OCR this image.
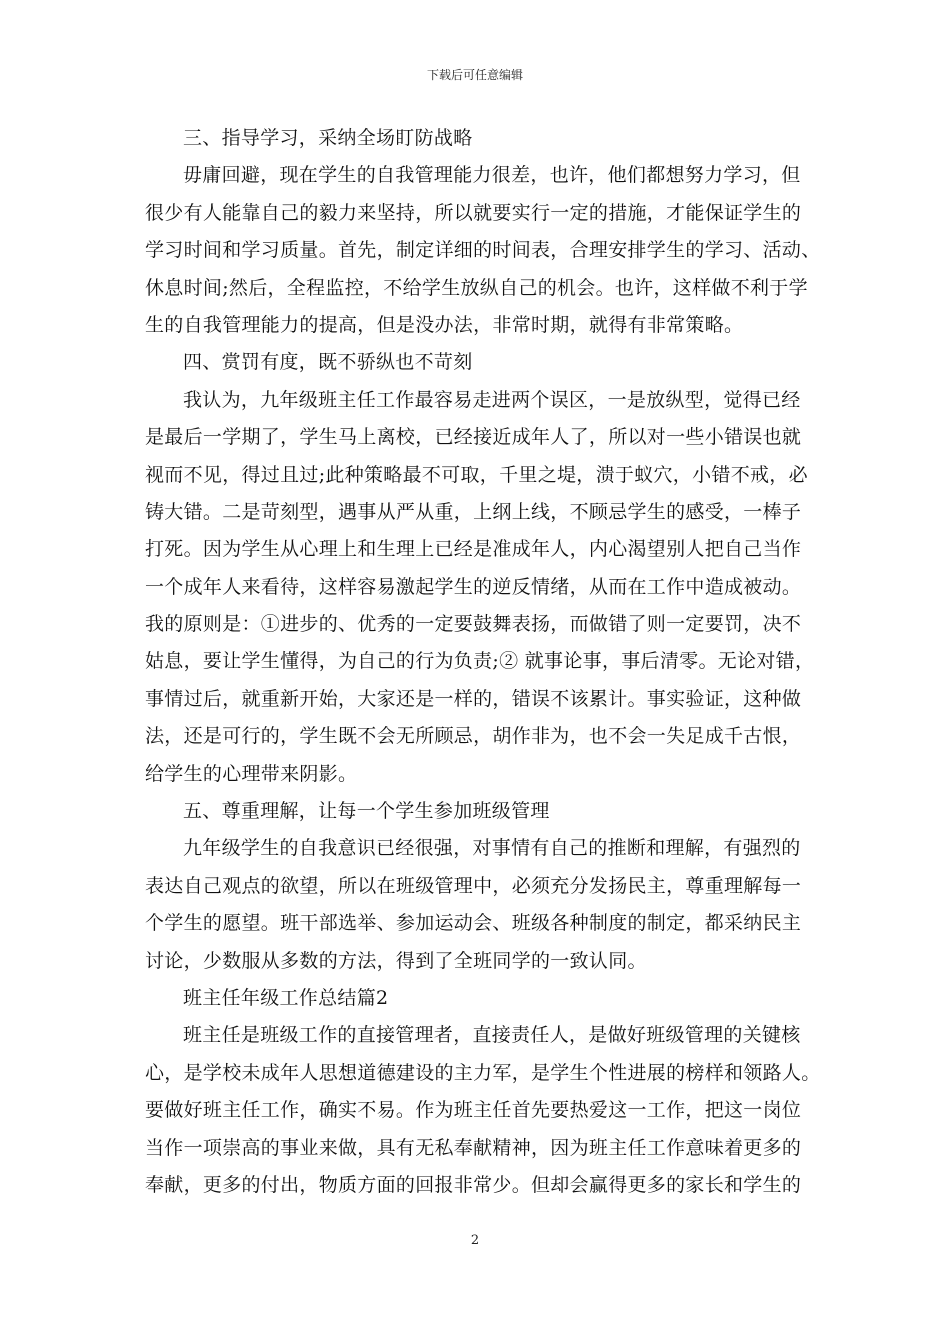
下载后可任意编辑
三、指导学习，采纳全场盯防战略
毋庸回避，现在学生的自我管理能力很差，也许，他们都想努力学习，但
很少有人能靠自己的毅力来坚持，所以就要实行一定的措施，才能保证学生的
学习时间和学习质量。首先，制定详细的时间表，合理安排学生的学习、活动、
休息时间;然后，全程监控，不给学生放纵自己的机会。也许，这样做不利于学
生的自我管理能力的提高，但是没办法，非常时期，就得有非常策略。
四、赏罚有度，既不骄纵也不苛刻
我认为，九年级班主任工作最容易走进两个误区，一是放纵型，觉得已经
是最后一学期了，学生马上离校，已经接近成年人了，所以对一些小错误也就
视而不见，得过且过;此种策略最不可取，千里之堤，溃于蚁穴，小错不戒，必
铸大错。二是苛刻型，遇事从严从重，上纲上线，不顾忌学生的感受，一棒子
打死。因为学生从心理上和生理上已经是准成年人，内心渴望别人把自己当作
一个成年人来看待，这样容易激起学生的逆反情绪，从而在工作中造成被动。
我的原则是：①进步的、优秀的一定要鼓舞表扬，而做错了则一定要罚，决不
姑息，要让学生懂得，为自己的行为负责;② 就事论事，事后清零。无论对错，
事情过后，就重新开始，大家还是一样的，错误不该累计。事实验证，这种做
法，还是可行的，学生既不会无所顾忌，胡作非为，也不会一失足成千古恨，
给学生的心理带来阴影。
五、尊重理解，让每一个学生参加班级管理
九年级学生的自我意识已经很强，对事情有自己的推断和理解，有强烈的
表达自己观点的欲望，所以在班级管理中，必须充分发扬民主，尊重理解每一
个学生的愿望。班干部选举、参加运动会、班级各种制度的制定，都采纳民主
讨论，少数服从多数的方法，得到了全班同学的一致认同。
班主任年级工作总结篇2
班主任是班级工作的直接管理者，直接责任人，是做好班级管理的关键核
心，是学校未成年人思想道德建设的主力军，是学生个性进展的榜样和领路人。
要做好班主任工作，确实不易。作为班主任首先要热爱这一工作，把这一岗位
当作一项崇高的事业来做，具有无私奉献精神，因为班主任工作意味着更多的
奉献，更多的付出，物质方面的回报非常少。但却会赢得更多的家长和学生的
2
